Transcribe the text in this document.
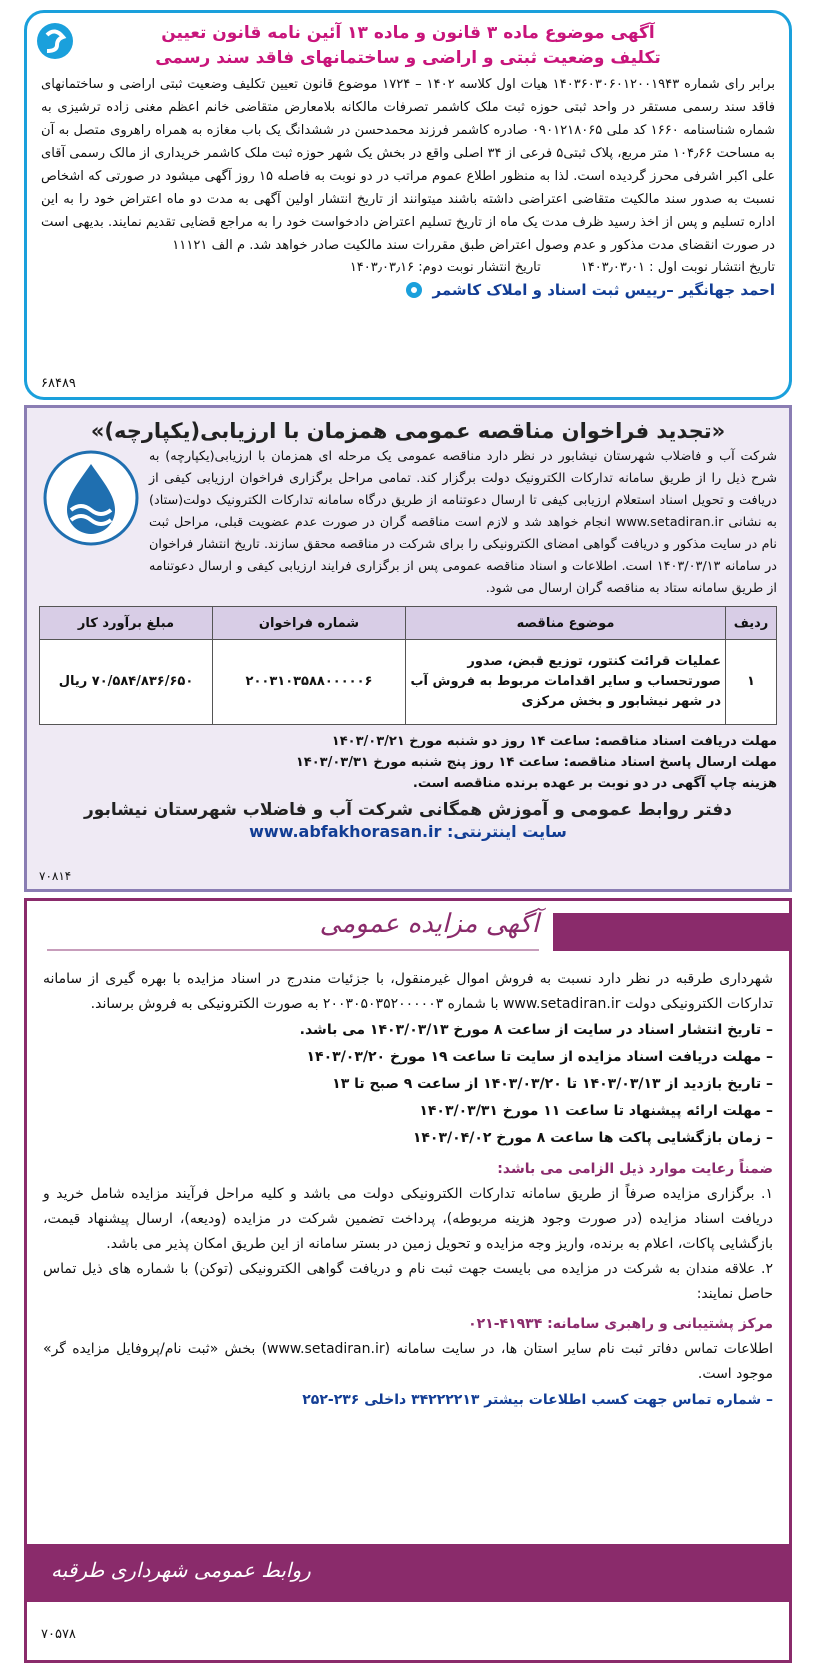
آگهی موضوع ماده ۳ قانون و ماده ۱۳ آئین نامه قانون تعیین
تکلیف وضعیت ثبتی و اراضی و ساختمانهای فاقد سند رسمی
برابر رای شماره ۱۴۰۳۶۰۳۰۶۰۱۲۰۰۱۹۴۳ هیات اول کلاسه ۱۴۰۲ – ۱۷۲۴ موضوع قانون تعیین تکلیف وضعیت ثبتی اراضی و ساختمانهای فاقد سند رسمی مستقر در واحد ثبتی حوزه ثبت ملک کاشمر تصرفات مالکانه بلامعارض متقاضی خانم اعظم مغنی زاده ترشیزی به شماره شناسنامه ۱۶۶۰ کد ملی ۰۹۰۱۲۱۸۰۶۵ صادره کاشمر فرزند محمدحسن در ششدانگ یک باب مغازه به همراه راهروی متصل به آن به مساحت ۱۰۴٫۶۶ متر مربع، پلاک ثبتی۵ فرعی از ۳۴ اصلی واقع در بخش یک شهر حوزه ثبت ملک کاشمر خریداری از مالک رسمی آقای علی اکبر اشرفی محرز گردیده است. لذا به منظور اطلاع عموم مراتب در دو نوبت به فاصله ۱۵ روز آگهی میشود در صورتی که اشخاص نسبت به صدور سند مالکیت متقاضی اعتراضی داشته باشند میتوانند از تاریخ انتشار اولین آگهی به مدت دو ماه اعتراض خود را به این اداره تسلیم و پس از اخذ رسید ظرف مدت یک ماه از تاریخ تسلیم اعتراض دادخواست خود را به مراجع قضایی تقدیم نمایند. بدیهی است در صورت انقضای مدت مذکور و عدم وصول اعتراض طبق مقررات سند مالکیت صادر خواهد شد. م الف ۱۱۱۲۱
تاریخ انتشار نوبت اول : ۱۴۰۳٫۰۳٫۰۱
تاریخ انتشار نوبت دوم: ۱۴۰۳٫۰۳٫۱۶
احمد جهانگیر –رییس ثبت اسناد و املاک کاشمر
۶۸۴۸۹
«تجدید فراخوان مناقصه عمومی همزمان با ارزیابی(یکپارچه)»
شرکت آب و فاضلاب شهرستان نیشابور در نظر دارد مناقصه عمومی یک مرحله ای همزمان با ارزیابی(یکپارچه) به شرح ذیل را از طریق سامانه تدارکات الکترونیک دولت برگزار کند. تمامی مراحل برگزاری فراخوان ارزیابی کیفی از دریافت و تحویل اسناد استعلام ارزیابی کیفی تا ارسال دعوتنامه از طریق درگاه سامانه تدارکات الکترونیک دولت(ستاد) به نشانی www.setadiran.ir انجام خواهد شد و لازم است مناقصه گران در صورت عدم عضویت قبلی، مراحل ثبت نام در سایت مذکور و دریافت گواهی امضای الکترونیکی را برای شرکت در مناقصه محقق سازند. تاریخ انتشار فراخوان در سامانه ۱۴۰۳/۰۳/۱۳ است. اطلاعات و اسناد مناقصه عمومی پس از برگزاری فرایند ارزیابی کیفی و ارسال دعوتنامه از طریق سامانه ستاد به مناقصه گران ارسال می شود.
ردیف	موضوع مناقصه	شماره فراخوان	مبلغ برآورد کار
۱	عملیات قرائت کنتور، توزیع قبض، صدور صورتحساب و سایر اقدامات مربوط به فروش آب در شهر نیشابور و بخش مرکزی	۲۰۰۳۱۰۳۵۸۸۰۰۰۰۰۶	۷۰/۵۸۴/۸۳۶/۶۵۰ ریال
مهلت دریافت اسناد مناقصه: ساعت ۱۴ روز دو شنبه مورخ ۱۴۰۳/۰۳/۲۱
مهلت ارسال پاسخ اسناد مناقصه: ساعت ۱۴ روز پنج شنبه مورخ ۱۴۰۳/۰۳/۳۱
هزینه چاپ آگهی در دو نوبت بر عهده برنده مناقصه است.
دفتر روابط عمومی و آموزش همگانی شرکت آب و فاضلاب شهرستان نیشابور
سایت اینترنتی: www.abfakhorasan.ir
۷۰۸۱۴
آگهی مزایده عمومی
شهرداری طرقبه در نظر دارد نسبت به فروش اموال غیرمنقول، با جزئیات مندرج در اسناد مزایده با بهره گیری از سامانه تدارکات الکترونیکی دولت www.setadiran.ir با شماره ۲۰۰۳۰۵۰۳۵۲۰۰۰۰۰۳ به صورت الکترونیکی به فروش برساند.
– تاریخ انتشار اسناد در سایت از ساعت ۸ مورخ ۱۴۰۳/۰۳/۱۳ می باشد.
– مهلت دریافت اسناد مزایده از سایت تا ساعت ۱۹ مورخ ۱۴۰۳/۰۳/۲۰
– تاریخ بازدید از ۱۴۰۳/۰۳/۱۳ تا ۱۴۰۳/۰۳/۲۰ از ساعت ۹ صبح تا ۱۳
– مهلت ارائه پیشنهاد تا ساعت ۱۱ مورخ ۱۴۰۳/۰۳/۳۱
– زمان بازگشایی پاکت ها ساعت ۸ مورخ ۱۴۰۳/۰۴/۰۲
ضمناً رعایت موارد ذیل الزامی می باشد:
۱. برگزاری مزایده صرفاً از طریق سامانه تدارکات الکترونیکی دولت می باشد و کلیه مراحل فرآیند مزایده شامل خرید و دریافت اسناد مزایده (در صورت وجود هزینه مربوطه)، پرداخت تضمین شرکت در مزایده (ودیعه)، ارسال پیشنهاد قیمت، بازگشایی پاکات، اعلام به برنده، واریز وجه مزایده و تحویل زمین در بستر سامانه از این طریق امکان پذیر می باشد.
۲. علاقه مندان به شرکت در مزایده می بایست جهت ثبت نام و دریافت گواهی الکترونیکی (توکن) با شماره های ذیل تماس حاصل نمایند:
مرکز پشتیبانی و راهبری سامانه: ۴۱۹۳۴-۰۲۱
اطلاعات تماس دفاتر ثبت نام سایر استان ها، در سایت سامانه (www.setadiran.ir) بخش «ثبت نام/پروفایل مزایده گر» موجود است.
– شماره تماس جهت کسب اطلاعات بیشتر ۳۴۲۲۲۲۱۳ داخلی ۲۳۶-۲۵۲
روابط عمومی شهرداری طرقبه
۷۰۵۷۸
